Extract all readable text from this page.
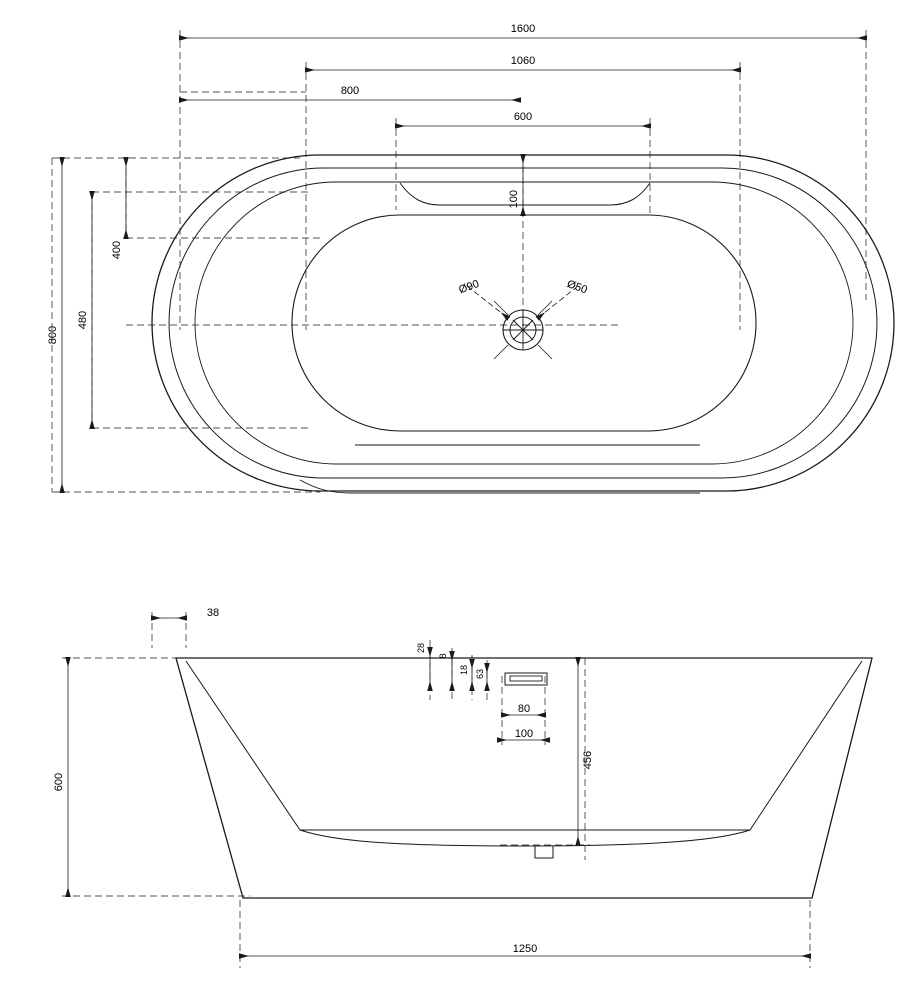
1600
1060
800
600
100
800
480
400
Ø90	Ø50
38
600
456
1250
28
8
18 63
80
100
